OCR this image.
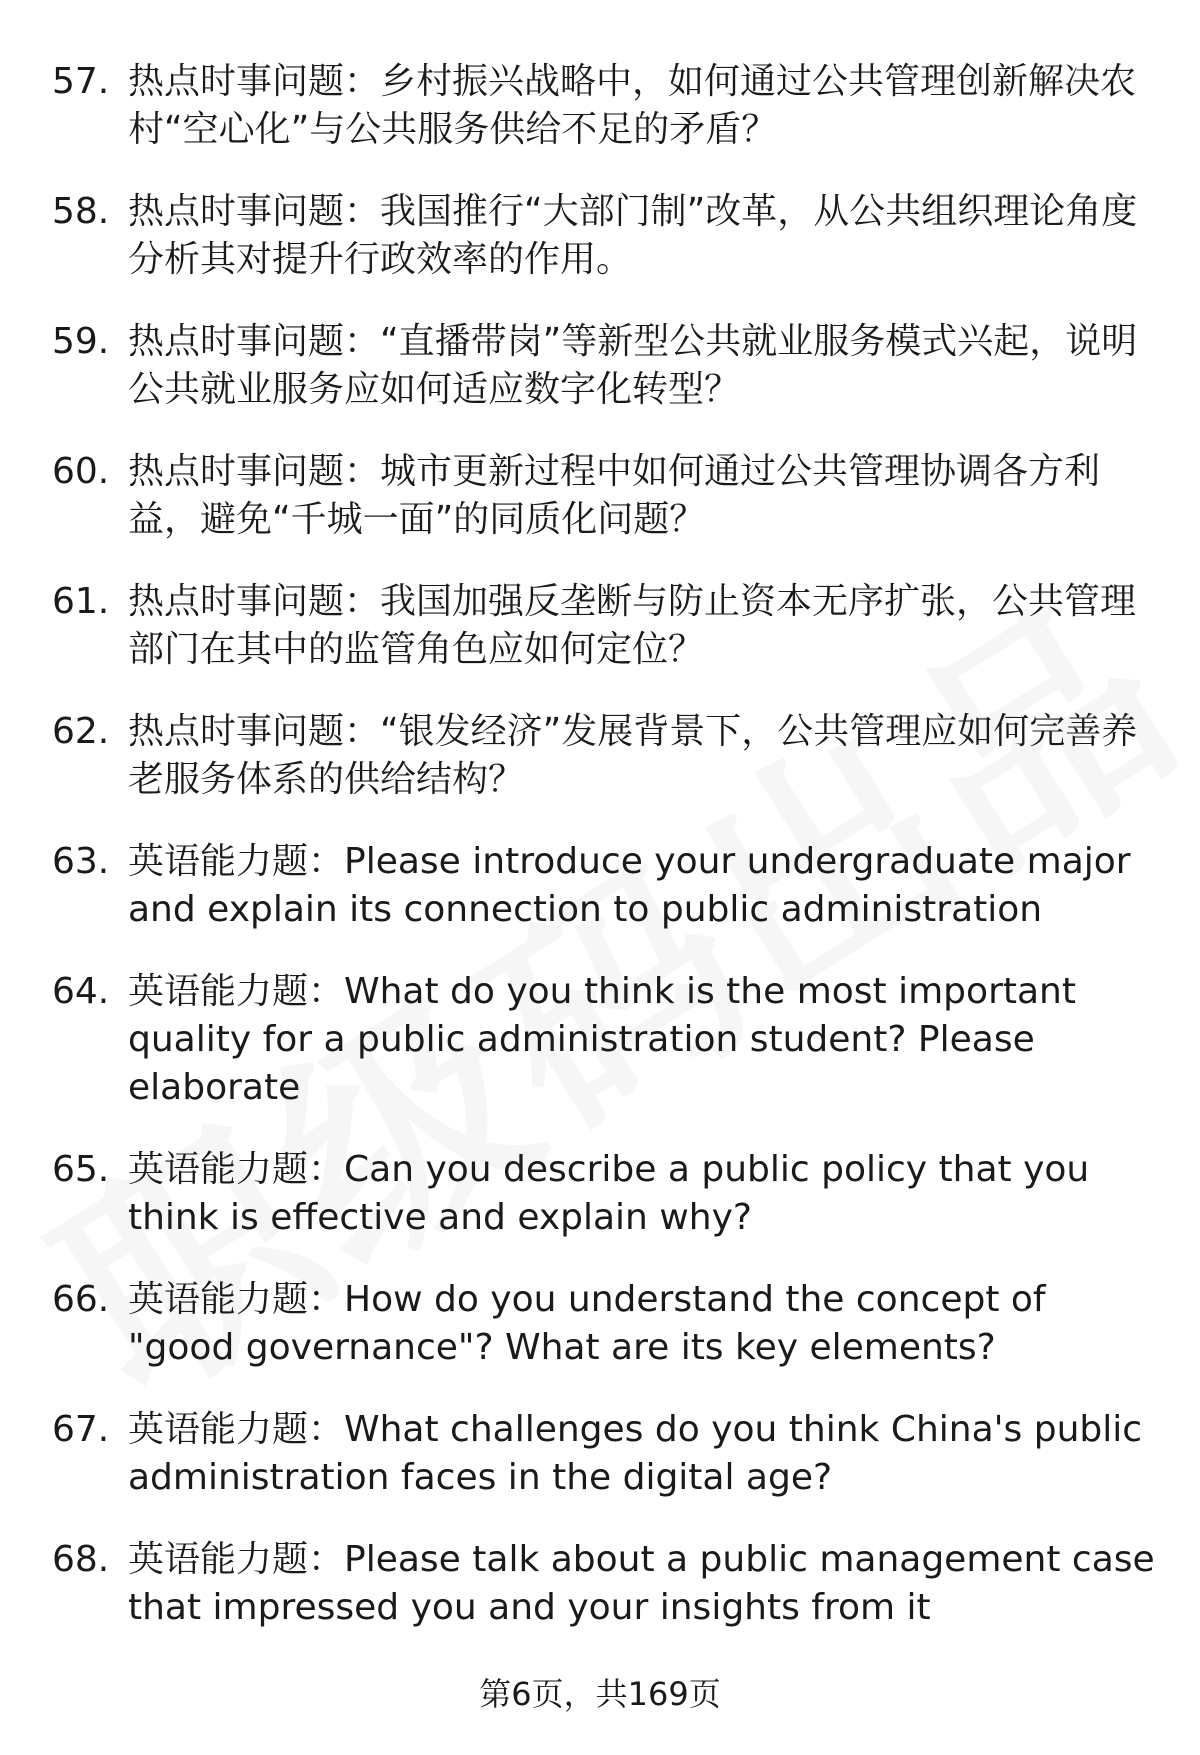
57. 热点时事问题：乡村振兴战略中，如何通过公共管理创新解决农村“空心化”与公共服务供给不足的矛盾？
58. 热点时事问题：我国推行“大部门制”改革，从公共组织理论角度分析其对提升行政效率的作用。
59. 热点时事问题：“直播带岗”等新型公共就业服务模式兴起，说明公共就业服务应如何适应数字化转型？
60. 热点时事问题：城市更新过程中如何通过公共管理协调各方利益，避免“千城一面”的同质化问题？
61. 热点时事问题：我国加强反垄断与防止资本无序扩张，公共管理部门在其中的监管角色应如何定位？
62. 热点时事问题：“银发经济”发展背景下，公共管理应如何完善养老服务体系的供给结构？
63. 英语能力题：Please introduce your undergraduate major and explain its connection to public administration
64. 英语能力题：What do you think is the most important quality for a public administration student? Please elaborate
65. 英语能力题：Can you describe a public policy that you think is effective and explain why?
66. 英语能力题：How do you understand the concept of "good governance"? What are its key elements?
67. 英语能力题：What challenges do you think China's public administration faces in the digital age?
68. 英语能力题：Please talk about a public management case that impressed you and your insights from it
第6页，共169页
